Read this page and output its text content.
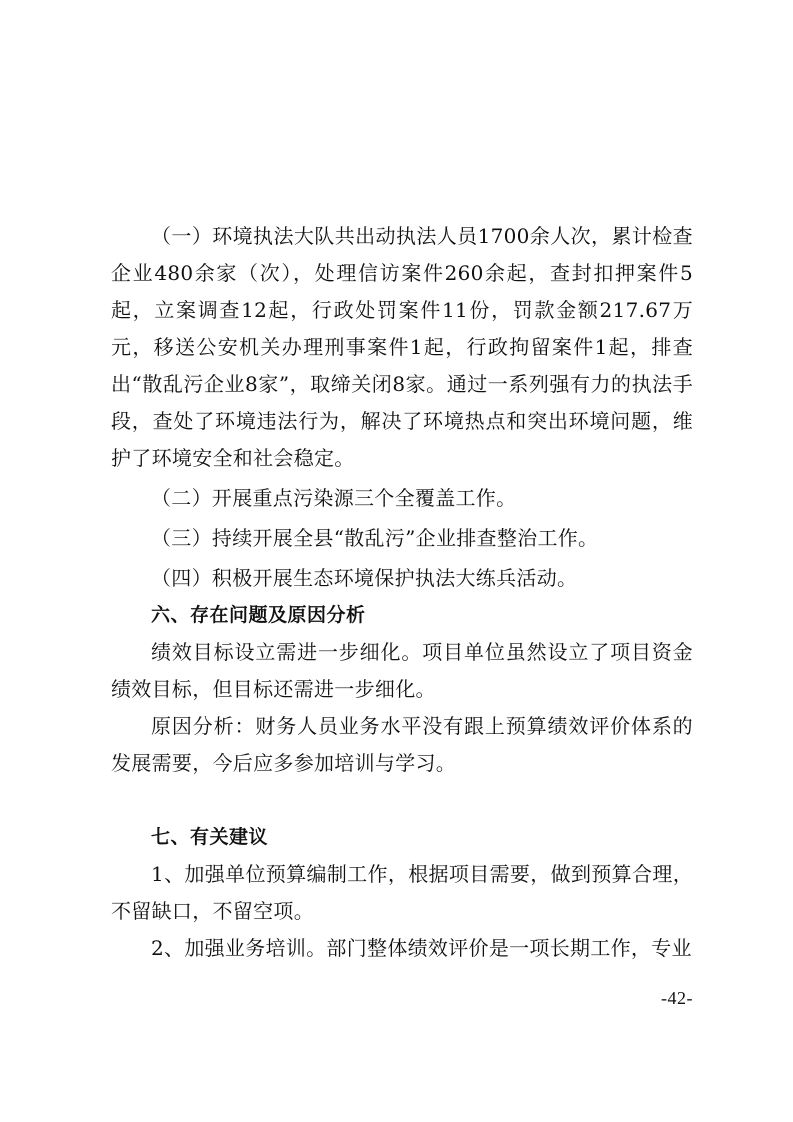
（一）环境执法大队共出动执法人员1700余人次，累计检查企业480余家（次），处理信访案件260余起，查封扣押案件5起，立案调查12起，行政处罚案件11份，罚款金额217.67万元，移送公安机关办理刑事案件1起，行政拘留案件1起，排查出“散乱污企业8家”，取缔关闭8家。通过一系列强有力的执法手段，查处了环境违法行为，解决了环境热点和突出环境问题，维护了环境安全和社会稳定。

（二）开展重点污染源三个全覆盖工作。

（三）持续开展全县“散乱污”企业排查整治工作。

（四）积极开展生态环境保护执法大练兵活动。

六、存在问题及原因分析

绩效目标设立需进一步细化。项目单位虽然设立了项目资金绩效目标，但目标还需进一步细化。

原因分析：财务人员业务水平没有跟上预算绩效评价体系的发展需要，今后应多参加培训与学习。

七、有关建议

1、加强单位预算编制工作，根据项目需要，做到预算合理，不留缺口，不留空项。

2、加强业务培训。部门整体绩效评价是一项长期工作，专业

-42-
